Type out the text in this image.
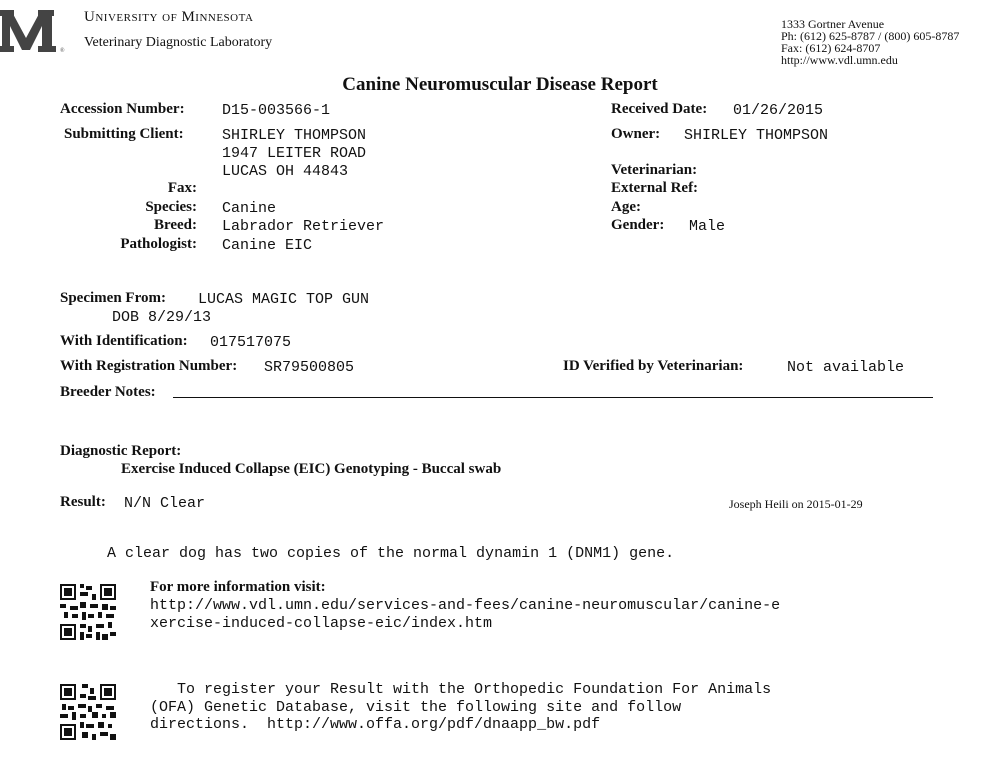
®
University of Minnesota
Veterinary Diagnostic Laboratory
1333 Gortner Avenue
Ph: (612) 625-8787 / (800) 605-8787
Fax: (612) 624-8707
http://www.vdl.umn.edu
Canine Neuromuscular Disease Report
Accession Number: D15-003566-1
Submitting Client:	SHIRLEY THOMPSON
1947 LEITER ROAD
LUCAS OH 44843
Fax:
Species: Canine
Breed: Labrador Retriever
Pathologist: Canine EIC
Received Date: 01/26/2015
Owner: SHIRLEY THOMPSON
Veterinarian:
External Ref:
Age:
Gender: Male
Specimen From: LUCAS MAGIC TOP GUN
DOB 8/29/13
With Identification: 017517075
With Registration Number: SR79500805	ID Verified by Veterinarian:	Not available
Breeder Notes:
Diagnostic Report:
Exercise Induced Collapse (EIC) Genotyping - Buccal swab
Result: N/N Clear	Joseph Heili on 2015-01-29
A clear dog has two copies of the normal dynamin 1 (DNM1) gene.
For more information visit:
http://www.vdl.umn.edu/services-and-fees/canine-neuromuscular/canine-e
xercise-induced-collapse-eic/index.htm
To register your Result with the Orthopedic Foundation For Animals
(OFA) Genetic Database, visit the following site and follow
directions.  http://www.offa.org/pdf/dnaapp_bw.pdf
